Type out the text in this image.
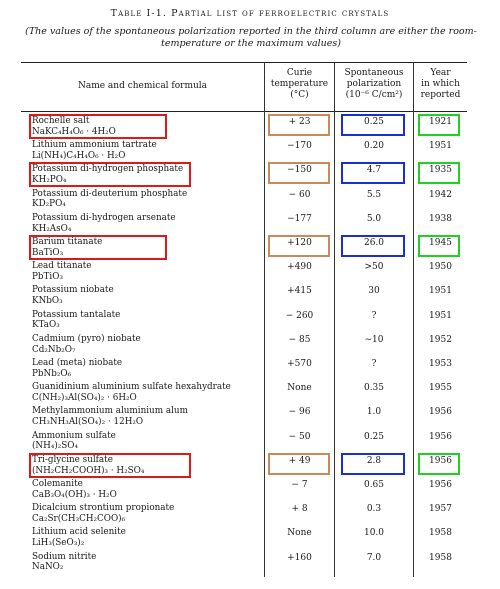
Table I-1. Partial list of ferroelectric crystals
(The values of the spontaneous polarization reported in the third column are either the room-temperature or the maximum values)
Name and chemical formula
Curie
temperature
(°C)
Spontaneous
polarization
(10⁻⁶ C/cm²)
Year
in which
reported
Rochelle salt
NaKC₄H₄O₆ · 4H₂O
+ 23	0.25	1921
Lithium ammonium tartrate
Li(NH₄)C₄H₄O₆ · H₂O
−170	0.20	1951
Potassium di-hydrogen phosphate
KH₂PO₄
−150	4.7	1935
Potassium di-deuterium phosphate
KD₂PO₄
− 60	5.5	1942
Potassium di-hydrogen arsenate
KH₂AsO₄
−177	5.0	1938
Barium titanate
BaTiO₃
+120	26.0	1945
Lead titanate
PbTiO₃
+490	>50	1950
Potassium niobate
KNbO₃
+415	30	1951
Potassium tantalate
KTaO₃
− 260	?	1951
Cadmium (pyro) niobate
Cd₂Nb₂O₇
− 85	∼10	1952
Lead (meta) niobate
PbNb₂O₆
+570	?	1953
Guanidinium aluminium sulfate hexahydrate
C(NH₂)₃Al(SO₄)₂ · 6H₂O
None	0.35	1955
Methylammonium aluminium alum
CH₃NH₃Al(SO₄)₂ · 12H₂O
− 96	1.0	1956
Ammonium sulfate
(NH₄)₂SO₄
− 50	0.25	1956
Tri-glycine sulfate
(NH₂CH₂COOH)₃ · H₂SO₄
+ 49	2.8	1956
Colemanite
CaB₃O₄(OH)₃ · H₂O
− 7	0.65	1956
Dicalcium strontium propionate
Ca₂Sr(CH₃CH₂COO)₆
+ 8	0.3	1957
Lithium acid selenite
LiH₃(SeO₃)₂
None	10.0	1958
Sodium nitrite
NaNO₂
+160	7.0	1958
